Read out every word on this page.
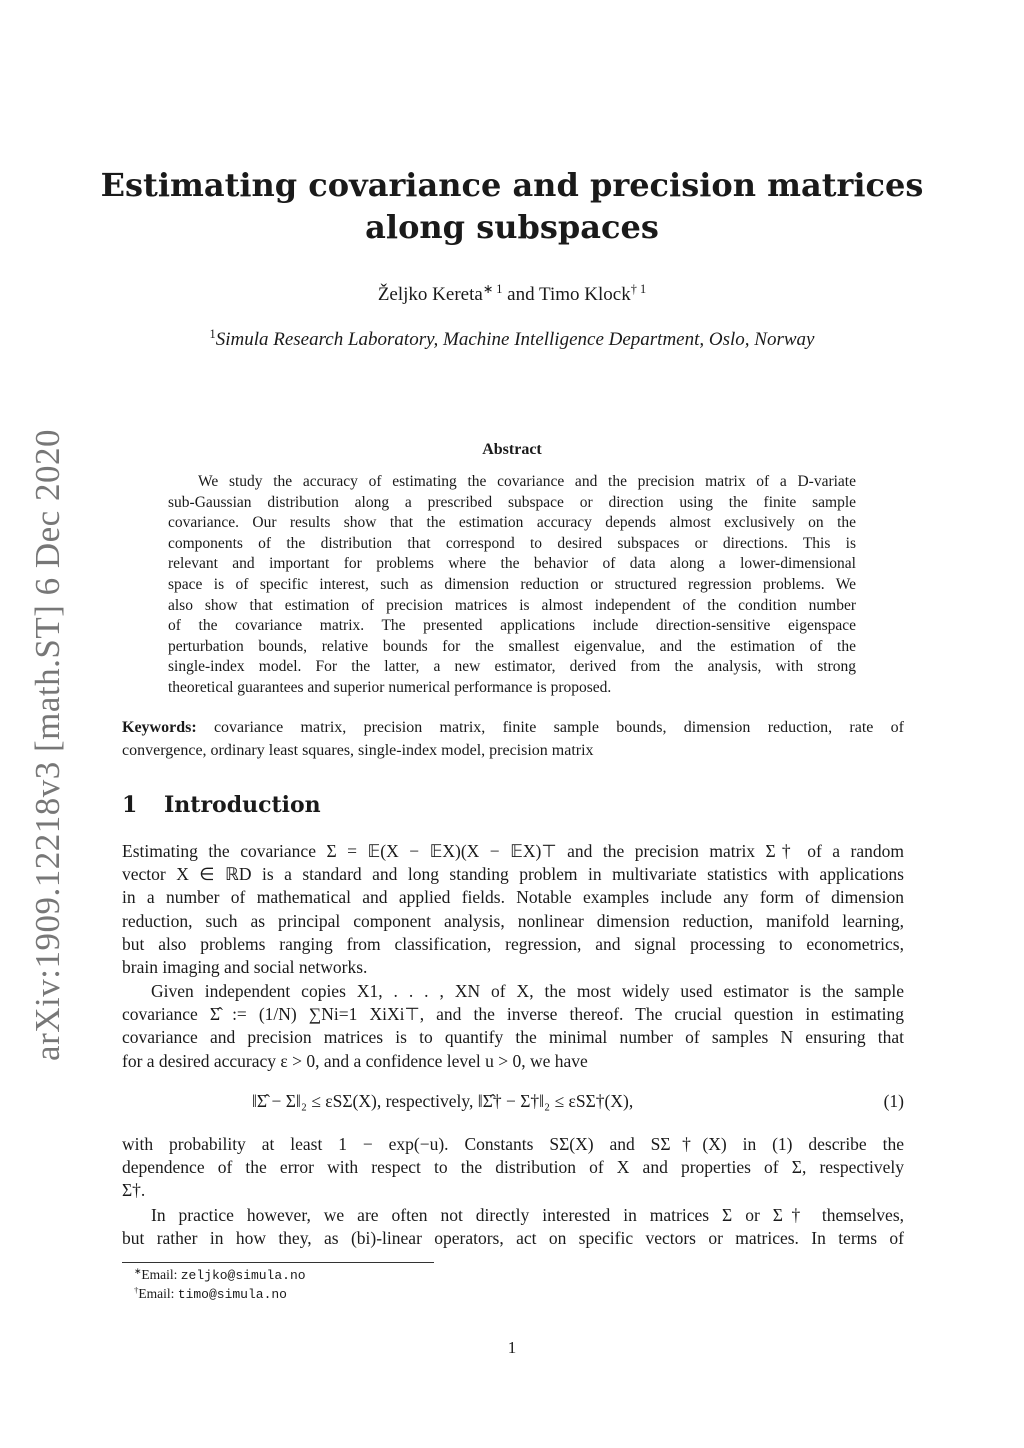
arXiv:1909.12218v3 [math.ST] 6 Dec 2020
Estimating covariance and precision matrices
along subspaces
Željko Kereta$^{∗ 1}$ and Timo Klock$^{\dagger 1}$
$^1$Simula Research Laboratory, Machine Intelligence Department, Oslo, Norway
Abstract
We study the accuracy of estimating the covariance and the precision matrix of a D-variate
sub-Gaussian distribution along a prescribed subspace or direction using the finite sample
covariance. Our results show that the estimation accuracy depends almost exclusively on the
components of the distribution that correspond to desired subspaces or directions. This is
relevant and important for problems where the behavior of data along a lower-dimensional
space is of specific interest, such as dimension reduction or structured regression problems. We
also show that estimation of precision matrices is almost independent of the condition number
of the covariance matrix. The presented applications include direction-sensitive eigenspace
perturbation bounds, relative bounds for the smallest eigenvalue, and the estimation of the
single-index model. For the latter, a new estimator, derived from the analysis, with strong
theoretical guarantees and superior numerical performance is proposed.
Keywords: covariance matrix, precision matrix, finite sample bounds, dimension reduction, rate of
convergence, ordinary least squares, single-index model, precision matrix
1 Introduction
Estimating the covariance Σ = 𝔼(X − 𝔼X)(X − 𝔼X)⊤ and the precision matrix Σ† of a random
vector X ∈ ℝD is a standard and long standing problem in multivariate statistics with applications
in a number of mathematical and applied fields. Notable examples include any form of dimension
reduction, such as principal component analysis, nonlinear dimension reduction, manifold learning,
but also problems ranging from classification, regression, and signal processing to econometrics,
brain imaging and social networks.
Given independent copies X1, . . . , XN of X, the most widely used estimator is the sample
covariance Σ̂ := (1/N) ∑Ni=1 XiXi⊤, and the inverse thereof. The crucial question in estimating
covariance and precision matrices is to quantify the minimal number of samples N ensuring that
for a desired accuracy ε > 0, and a confidence level u > 0, we have
‖Σ̂ − Σ‖₂ ≤ εSΣ(X), respectively, ‖Σ̂† − Σ†‖₂ ≤ εSΣ†(X),	(1)
with probability at least 1 − exp(−u). Constants SΣ(X) and SΣ†(X) in (1) describe the
dependence of the error with respect to the distribution of X and properties of Σ, respectively
Σ†.
In practice however, we are often not directly interested in matrices Σ or Σ† themselves,
but rather in how they, as (bi)-linear operators, act on specific vectors or matrices. In terms of
∗Email: zeljko@simula.no
†Email: timo@simula.no
1
